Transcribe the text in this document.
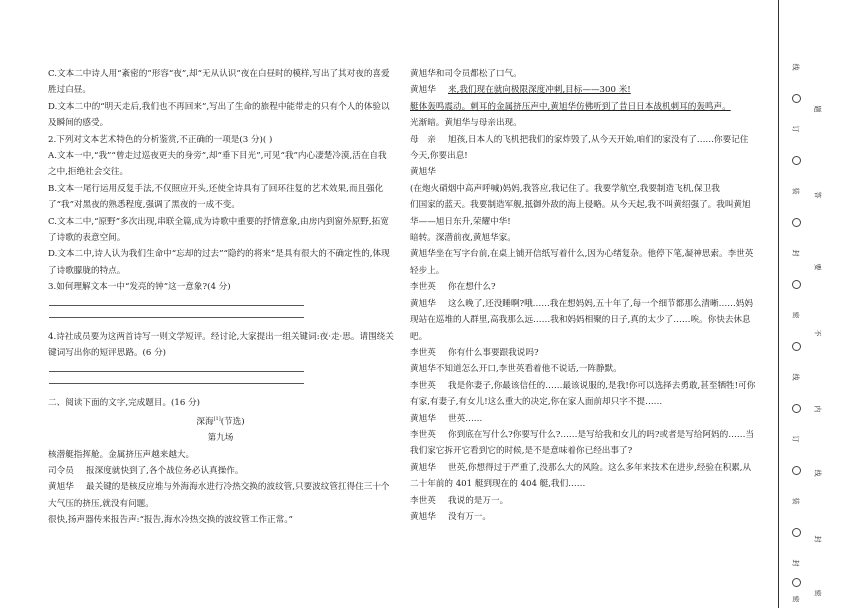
C.文本二中诗人用“紊密的”形容“夜”,却“无从认识”夜在白昼时的模样,写出了其对夜的喜爱

胜过白昼。

D.文本二中的“明天走后,我们也不再回来”,写出了生命的旅程中能带走的只有个人的体验以

及瞬间的感受。

2.下列对文本艺术特色的分析鉴赏,不正确的一项是(3 分)( )

A.文本一中,“我”“曾走过巡夜更夫的身旁”,却“垂下目光”,可见“我”内心凄楚冷漠,活在自我

之中,拒绝社会交往。

B.文本一尾行运用反复手法,不仅照应开头,还使全诗具有了回环往复的艺术效果,而且强化

了“我”对黑夜的熟悉程度,强调了黑夜的一成不变。

C.文本二中,“原野”多次出现,串联全篇,成为诗歌中重要的抒情意象,由房内到窗外原野,拓宽

了诗歌的表意空间。

D.文本二中,诗人认为我们生命中“忘却的过去”“隐约的将来”是具有很大的不确定性的,体现

了诗歌朦胧的特点。

3.如何理解文本一中“发亮的钟”这一意象?(4 分)

4.诗社成员要为这两首诗写一则文学短评。经讨论,大家提出一组关键词:夜·走·思。请围绕关

键词写出你的短评思路。(6 分)

二、阅读下面的文字,完成题目。(16 分)

深海[1](节选)

第九场

核潜艇指挥舱。金属挤压声越来越大。

司令员 报深度就快到了,各个战位务必认真操作。

黄旭华 最关键的是核反应堆与外海海水进行冷热交换的波纹管,只要波纹管扛得住三十个

大气压的挤压,就没有问题。

很快,扬声器传来报告声:“报告,海水冷热交换的波纹管工作正常。”

黄旭华和司令员都松了口气。

黄旭华 来,我们现在就向极限深度冲刺,目标——300 米!

艇体轰鸣震动。刺耳的金属挤压声中,黄旭华仿佛听到了昔日日本战机刺耳的轰鸣声。

光渐暗。黄旭华与母亲出现。

母　亲 旭孩,日本人的飞机把我们的家炸毁了,从今天开始,咱们的家没有了……你要记住

今天,你要出息!

黄旭华

(在炮火硝烟中高声呼喊)妈妈,我答应,我记住了。我要学航空,我要制造飞机,保卫我

们国家的蓝天。我要制造军舰,抵御外敌的海上侵略。从今天起,我不叫黄绍强了。我叫黄旭

华——旭日东升,荣耀中华!

暗转。深潜前夜,黄旭华家。

黄旭华坐在写字台前,在桌上铺开信纸写着什么,因为心绪复杂。他停下笔,凝神思索。李世英

轻步上。

李世英 你在想什么?

黄旭华 这么晚了,还没睡啊?哦……我在想妈妈,五十年了,每一个细节都那么清晰……妈妈

现站在巡堆的人群里,高我那么远……我和妈妈相聚的日子,真的太少了……唉。你快去休息

吧。

李世英 你有什么事要跟我说吗?

黄旭华不知道怎么开口,李世英看着他不说话,一阵静默。

李世英 我是你妻子,你最该信任的……最该说服的,是我!你可以选择去勇敢,甚至牺牲!可你

有家,有妻子,有女儿!这么重大的决定,你在家人面前却只字不提……

黄旭华 世英……

李世英 你到底在写什么?你要写什么?……是写给我和女儿的吗?或者是写给阿妈的……当

我们家它拆开它看到它的时候,是不是意味着你已经出事了?

黄旭华 世英,你想得过于严重了,没那么大的风险。这么多年来技术在进步,经验在积累,从

二十年前的 401 艇到现在的 404 艇,我们……

李世英 我说的是万一。

黄旭华 没有万一。

线
订
装
封
密
线
订
装
封
密
题
答
要
不
内
线
封
密
